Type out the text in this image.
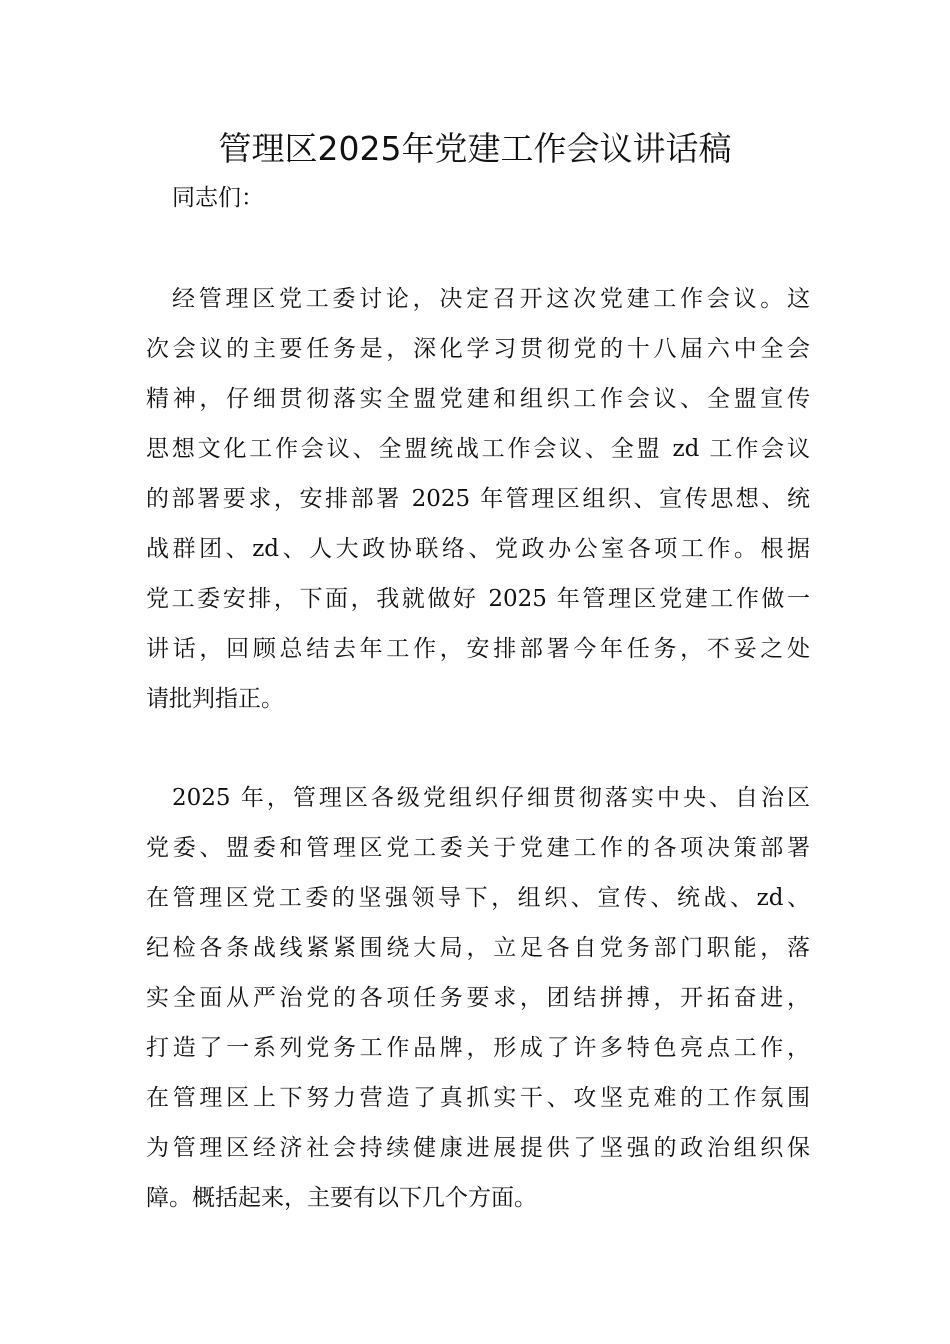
管理区2025年党建工作会议讲话稿
同志们：
经管理区党工委讨论，决定召开这次党建工作会议。这
次会议的主要任务是，深化学习贯彻党的十八届六中全会
精神，仔细贯彻落实全盟党建和组织工作会议、全盟宣传
思想文化工作会议、全盟统战工作会议、全盟 zd 工作会议
的部署要求，安排部署 2025 年管理区组织、宣传思想、统
战群团、zd、人大政协联络、党政办公室各项工作。根据
党工委安排，下面，我就做好 2025 年管理区党建工作做一
讲话，回顾总结去年工作，安排部署今年任务，不妥之处
请批判指正。
2025 年，管理区各级党组织仔细贯彻落实中央、自治区
党委、盟委和管理区党工委关于党建工作的各项决策部署
在管理区党工委的坚强领导下，组织、宣传、统战、zd、
纪检各条战线紧紧围绕大局，立足各自党务部门职能，落
实全面从严治党的各项任务要求，团结拼搏，开拓奋进，
打造了一系列党务工作品牌，形成了许多特色亮点工作，
在管理区上下努力营造了真抓实干、攻坚克难的工作氛围
为管理区经济社会持续健康进展提供了坚强的政治组织保
障。概括起来，主要有以下几个方面。
